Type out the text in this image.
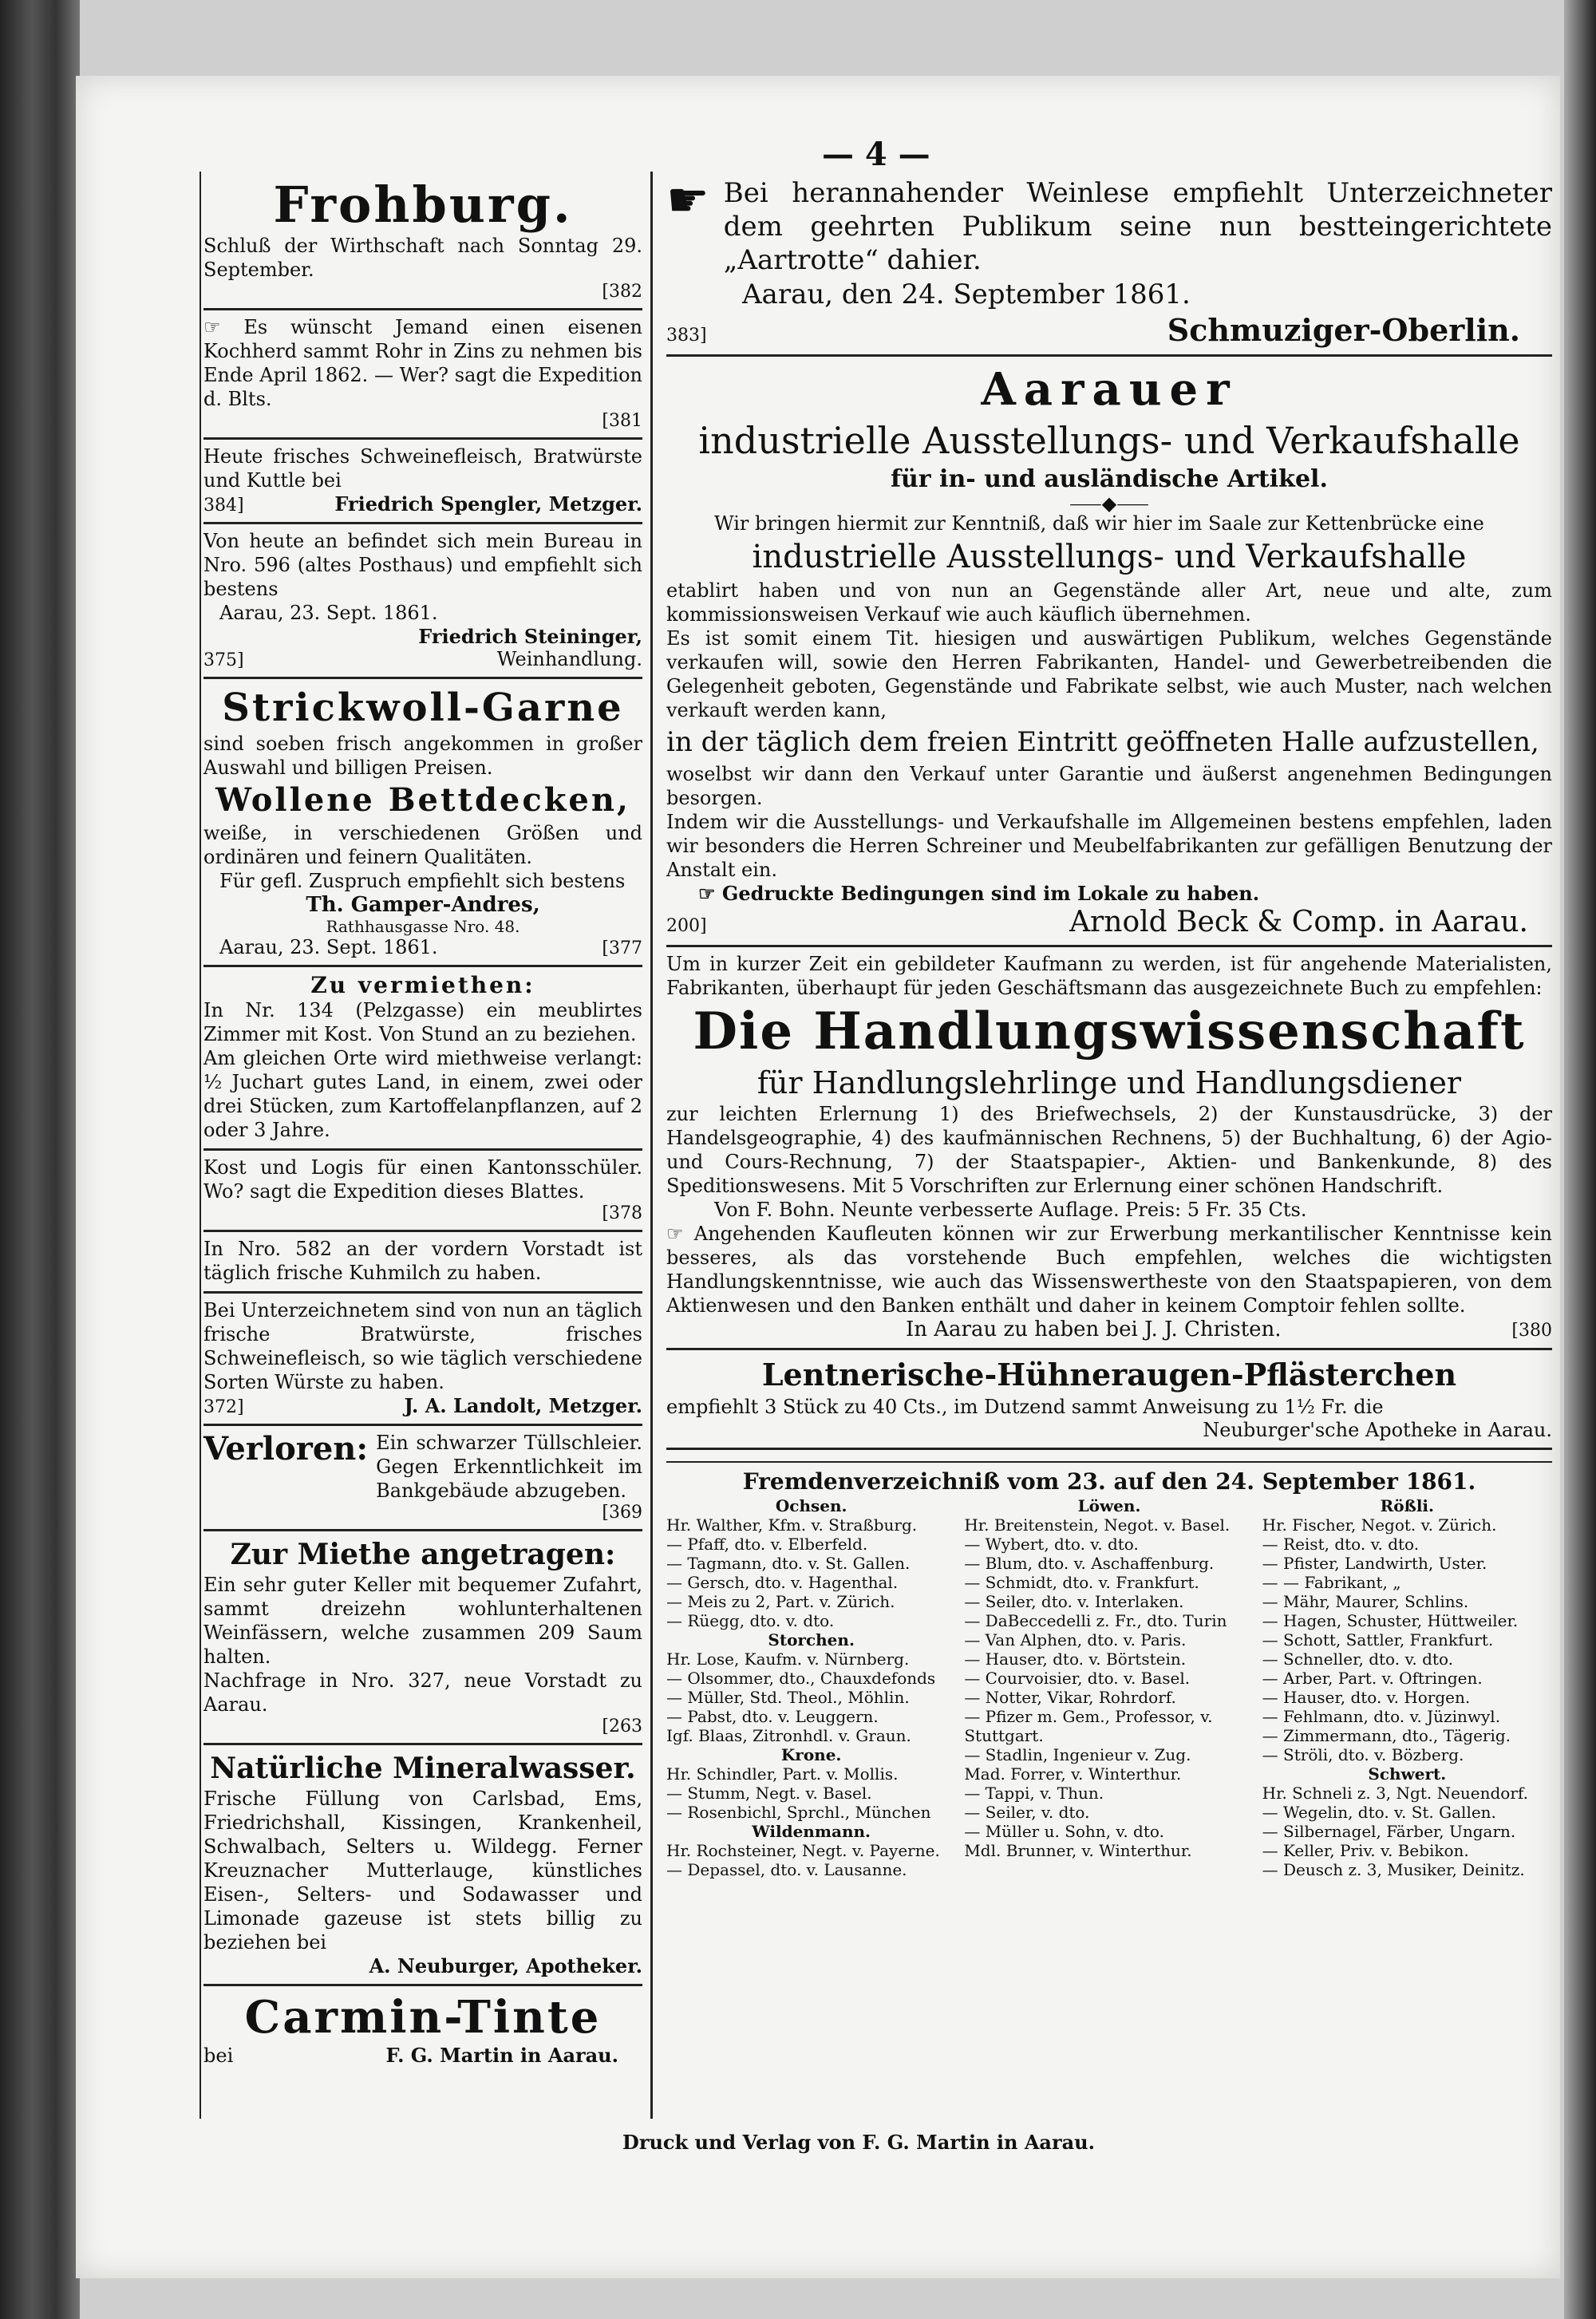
— 4 —
Frohburg.

Schluß der Wirthschaft nach Sonntag 29. September.

[382

☞ Es wünscht Jemand einen eisenen Kochherd sammt Rohr in Zins zu nehmen bis Ende April 1862. — Wer? sagt die Expedition d. Blts.

[381

Heute frisches Schweinefleisch, Bratwürste und Kuttle bei

384]	Friedrich Spengler, Metzger.

Von heute an befindet sich mein Bureau in Nro. 596 (altes Posthaus) und empfiehlt sich bestens

Aarau, 23. Sept. 1861.

Friedrich Steininger,
375]	Weinhandlung.
Strickwoll-Garne

sind soeben frisch angekommen in großer Auswahl und billigen Preisen.

Wollene Bettdecken,

weiße, in verschiedenen Größen und ordinären und feinern Qualitäten.

Für gefl. Zuspruch empfiehlt sich bestens

Th. Gamper-Andres,
Rathhausgasse Nro. 48.
Aarau, 23. Sept. 1861.	[377
Zu vermiethen:

In Nr. 134 (Pelzgasse) ein meublirtes Zimmer mit Kost. Von Stund an zu beziehen.

Am gleichen Orte wird miethweise verlangt: ½ Juchart gutes Land, in einem, zwei oder drei Stücken, zum Kartoffelanpflanzen, auf 2 oder 3 Jahre.

Kost und Logis für einen Kantonsschüler. Wo? sagt die Expedition dieses Blattes.

[378

In Nro. 582 an der vordern Vorstadt ist täglich frische Kuhmilch zu haben.

Bei Unterzeichnetem sind von nun an täglich frische Bratwürste, frisches Schweinefleisch, so wie täglich verschiedene Sorten Würste zu haben.

372]	J. A. Landolt, Metzger.
Verloren: Ein schwarzer Tüllschleier. Gegen Erkenntlichkeit im Bankgebäude abzugeben.

[369
Zur Miethe angetragen:

Ein sehr guter Keller mit bequemer Zufahrt, sammt dreizehn wohlunterhaltenen Weinfässern, welche zusammen 209 Saum halten.

Nachfrage in Nro. 327, neue Vorstadt zu Aarau.

[263
Natürliche Mineralwasser.

Frische Füllung von Carlsbad, Ems, Friedrichshall, Kissingen, Krankenheil, Schwalbach, Selters u. Wildegg. Ferner Kreuznacher Mutterlauge, künstliches Eisen-, Selters- und Sodawasser und Limonade gazeuse ist stets billig zu beziehen bei

A. Neuburger, Apotheker.
Carmin-Tinte
bei	F. G. Martin in Aarau.
☛ Bei herannahender Weinlese empfiehlt Unterzeichneter dem geehrten Publikum seine nun bestteingerichtete „Aartrotte“ dahier.

Aarau, den 24. September 1861.

383]	Schmuziger-Oberlin.
Aarauer
industrielle Ausstellungs- und Verkaufshalle
für in- und ausländische Artikel.
⸺◆⸺

Wir bringen hiermit zur Kenntniß, daß wir hier im Saale zur Kettenbrücke eine

industrielle Ausstellungs- und Verkaufshalle

etablirt haben und von nun an Gegenstände aller Art, neue und alte, zum kommissionsweisen Verkauf wie auch käuflich übernehmen.

Es ist somit einem Tit. hiesigen und auswärtigen Publikum, welches Gegenstände verkaufen will, sowie den Herren Fabrikanten, Handel- und Gewerbetreibenden die Gelegenheit geboten, Gegenstände und Fabrikate selbst, wie auch Muster, nach welchen verkauft werden kann,

in der täglich dem freien Eintritt geöffneten Halle aufzustellen,

woselbst wir dann den Verkauf unter Garantie und äußerst angenehmen Bedingungen besorgen.

Indem wir die Ausstellungs- und Verkaufshalle im Allgemeinen bestens empfehlen, laden wir besonders die Herren Schreiner und Meubelfabrikanten zur gefälligen Benutzung der Anstalt ein.

☞ Gedruckte Bedingungen sind im Lokale zu haben.

200]	Arnold Beck & Comp. in Aarau.

Um in kurzer Zeit ein gebildeter Kaufmann zu werden, ist für angehende Materialisten, Fabrikanten, überhaupt für jeden Geschäftsmann das ausgezeichnete Buch zu empfehlen:

Die Handlungswissenschaft
für Handlungslehrlinge und Handlungsdiener

zur leichten Erlernung 1) des Briefwechsels, 2) der Kunstausdrücke, 3) der Handelsgeographie, 4) des kaufmännischen Rechnens, 5) der Buchhaltung, 6) der Agio- und Cours-Rechnung, 7) der Staatspapier-, Aktien- und Bankenkunde, 8) des Speditionswesens. Mit 5 Vorschriften zur Erlernung einer schönen Handschrift.

Von F. Bohn. Neunte verbesserte Auflage. Preis: 5 Fr. 35 Cts.

☞ Angehenden Kaufleuten können wir zur Erwerbung merkantilischer Kenntnisse kein besseres, als das vorstehende Buch empfehlen, welches die wichtigsten Handlungskenntnisse, wie auch das Wissenswertheste von den Staatspapieren, von dem Aktienwesen und den Banken enthält und daher in keinem Comptoir fehlen sollte.

In Aarau zu haben bei J. J. Christen.	[380
Lentnerische-Hühneraugen-Pflästerchen

empfiehlt 3 Stück zu 40 Cts., im Dutzend sammt Anweisung zu 1½ Fr. die

Neuburger'sche Apotheke in Aarau.
Fremdenverzeichniß vom 23. auf den 24. September 1861.
Ochsen.
Hr. Walther, Kfm. v. Straßburg.
— Pfaff, dto. v. Elberfeld.
— Tagmann, dto. v. St. Gallen.
— Gersch, dto. v. Hagenthal.
— Meis zu 2, Part. v. Zürich.
— Rüegg, dto. v. dto.
Storchen.
Hr. Lose, Kaufm. v. Nürnberg.
— Olsommer, dto., Chauxdefonds
— Müller, Std. Theol., Möhlin.
— Pabst, dto. v. Leuggern.
Igf. Blaas, Zitronhdl. v. Graun.
Krone.
Hr. Schindler, Part. v. Mollis.
— Stumm, Negt. v. Basel.
— Rosenbichl, Sprchl., München
Wildenmann.
Hr. Rochsteiner, Negt. v. Payerne.
— Depassel, dto. v. Lausanne.
Löwen.
Hr. Breitenstein, Negot. v. Basel.
— Wybert, dto. v. dto.
— Blum, dto. v. Aschaffenburg.
— Schmidt, dto. v. Frankfurt.
— Seiler, dto. v. Interlaken.
— DaBeccedelli z. Fr., dto. Turin
— Van Alphen, dto. v. Paris.
— Hauser, dto. v. Börtstein.
— Courvoisier, dto. v. Basel.
— Notter, Vikar, Rohrdorf.
— Pfizer m. Gem., Professor, v. Stuttgart.
— Stadlin, Ingenieur v. Zug.
Mad. Forrer, v. Winterthur.
— Tappi, v. Thun.
— Seiler, v. dto.
— Müller u. Sohn, v. dto.
Mdl. Brunner, v. Winterthur.
Rößli.
Hr. Fischer, Negot. v. Zürich.
— Reist, dto. v. dto.
— Pfister, Landwirth, Uster.
— — Fabrikant, „
— Mähr, Maurer, Schlins.
— Hagen, Schuster, Hüttweiler.
— Schott, Sattler, Frankfurt.
— Schneller, dto. v. dto.
— Arber, Part. v. Oftringen.
— Hauser, dto. v. Horgen.
— Fehlmann, dto. v. Jüzinwyl.
— Zimmermann, dto., Tägerig.
— Ströli, dto. v. Bözberg.
Schwert.
Hr. Schneli z. 3, Ngt. Neuendorf.
— Wegelin, dto. v. St. Gallen.
— Silbernagel, Färber, Ungarn.
— Keller, Priv. v. Bebikon.
— Deusch z. 3, Musiker, Deinitz.
Druck und Verlag von F. G. Martin in Aarau.
